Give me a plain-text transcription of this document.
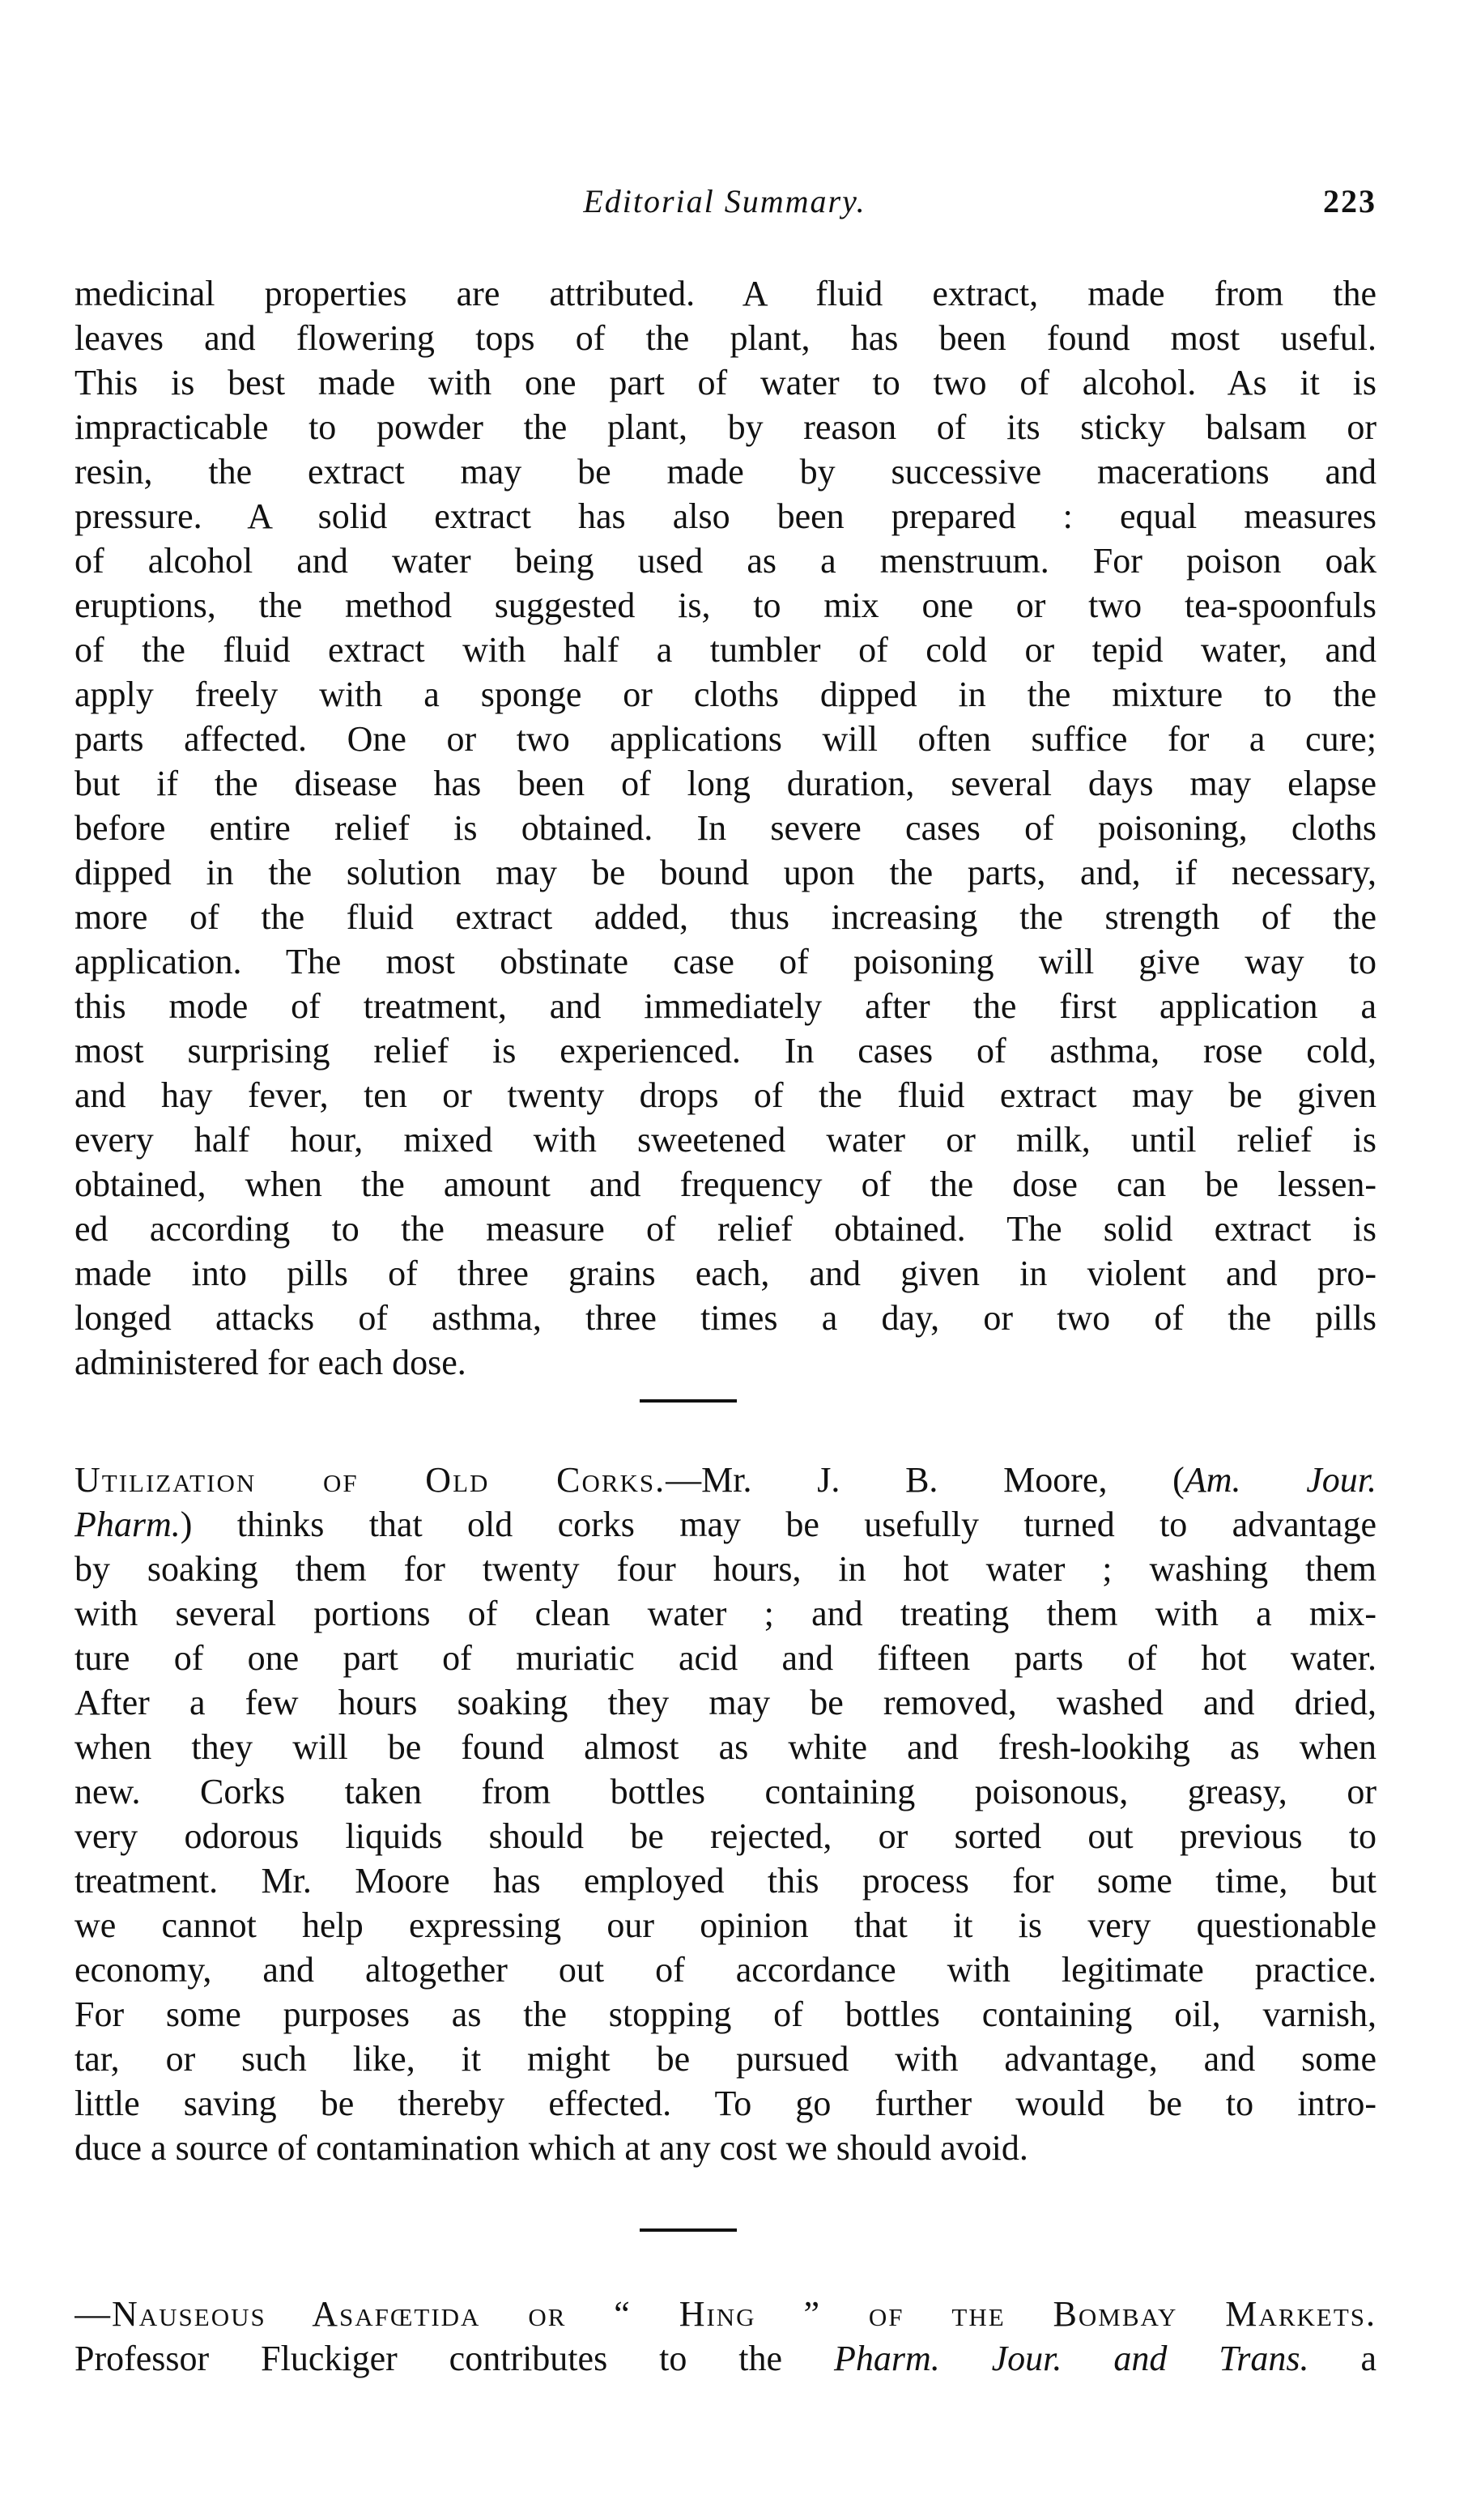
Editorial Summary.	223
medicinal properties are attributed. A fluid extract, made from the
leaves and flowering tops of the plant, has been found most useful.
This is best made with one part of water to two of alcohol. As it is
impracticable to powder the plant, by reason of its sticky balsam or
resin, the extract may be made by successive macerations and
pressure. A solid extract has also been prepared : equal measures
of alcohol and water being used as a menstruum. For poison oak
eruptions, the method suggested is, to mix one or two tea-spoonfuls
of the fluid extract with half a tumbler of cold or tepid water, and
apply freely with a sponge or cloths dipped in the mixture to the
parts affected. One or two applications will often suffice for a cure;
but if the disease has been of long duration, several days may elapse
before entire relief is obtained. In severe cases of poisoning, cloths
dipped in the solution may be bound upon the parts, and, if necessary,
more of the fluid extract added, thus increasing the strength of the
application. The most obstinate case of poisoning will give way to
this mode of treatment, and immediately after the first application a
most surprising relief is experienced. In cases of asthma, rose cold,
and hay fever, ten or twenty drops of the fluid extract may be given
every half hour, mixed with sweetened water or milk, until relief is
obtained, when the amount and frequency of the dose can be lessen-
ed according to the measure of relief obtained. The solid extract is
made into pills of three grains each, and given in violent and pro-
longed attacks of asthma, three times a day, or two of the pills
administered for each dose.
Utilization of Old Corks.—Mr. J. B. Moore, (Am. Jour.
Pharm.) thinks that old corks may be usefully turned to advantage
by soaking them for twenty four hours, in hot water ; washing them
with several portions of clean water ; and treating them with a mix-
ture of one part of muriatic acid and fifteen parts of hot water.
After a few hours soaking they may be removed, washed and dried,
when they will be found almost as white and fresh-lookihg as when
new. Corks taken from bottles containing poisonous, greasy, or
very odorous liquids should be rejected, or sorted out previous to
treatment. Mr. Moore has employed this process for some time, but
we cannot help expressing our opinion that it is very questionable
economy, and altogether out of accordance with legitimate practice.
For some purposes as the stopping of bottles containing oil, varnish,
tar, or such like, it might be pursued with advantage, and some
little saving be thereby effected. To go further would be to intro-
duce a source of contamination which at any cost we should avoid.
—Nauseous Asafœtida or “ Hing ” of the Bombay Markets.
Professor Fluckiger contributes to the Pharm. Jour. and Trans. a
